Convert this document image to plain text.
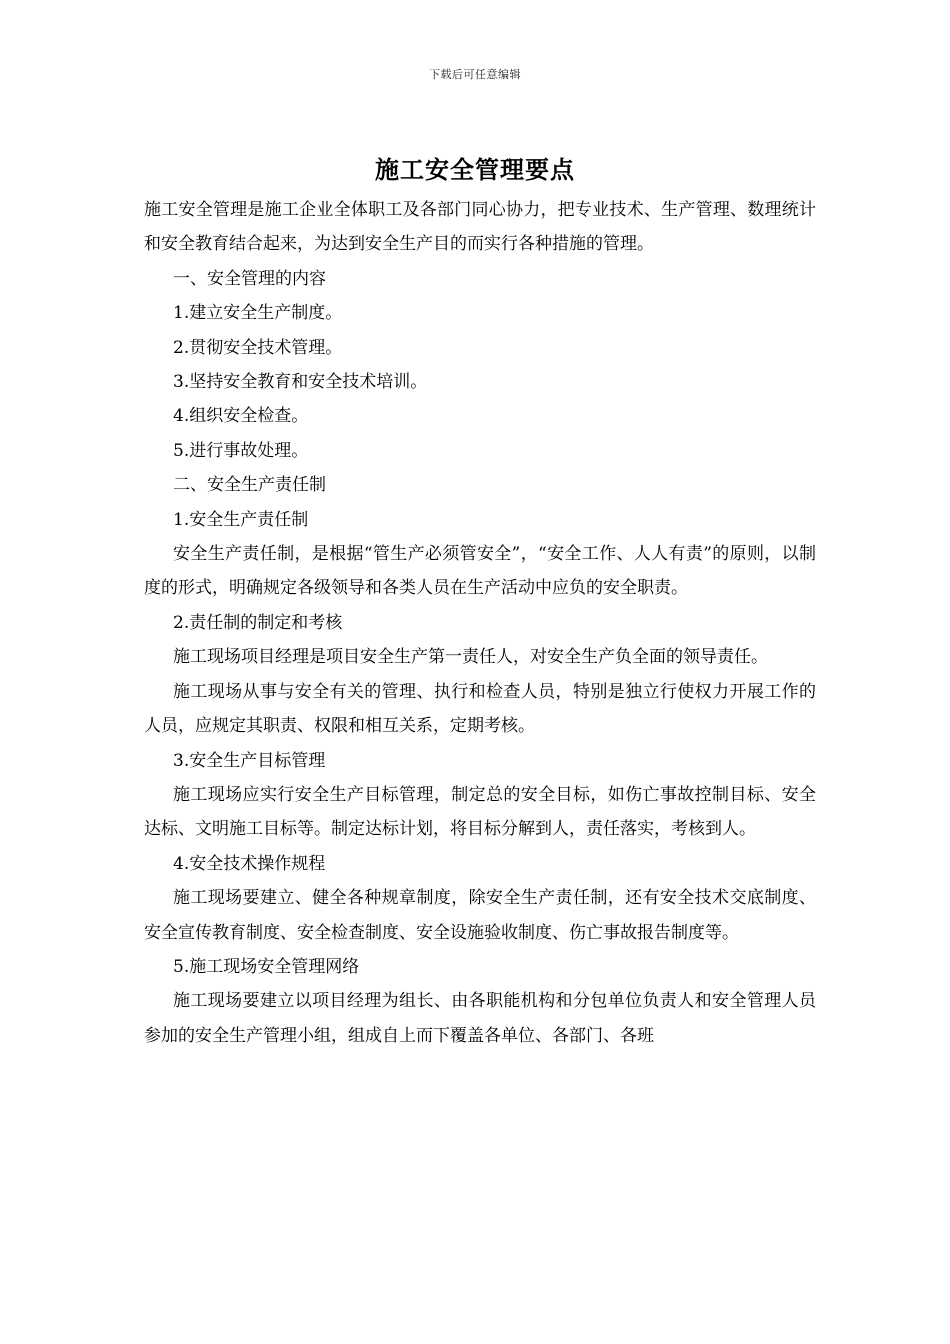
下载后可任意编辑
施工安全管理要点

施工安全管理是施工企业全体职工及各部门同心协力，把专业技术、生产管理、数理统计和安全教育结合起来，为达到安全生产目的而实行各种措施的管理。

一、安全管理的内容

1.建立安全生产制度。

2.贯彻安全技术管理。

3.坚持安全教育和安全技术培训。

4.组织安全检查。

5.进行事故处理。

二、安全生产责任制

1.安全生产责任制

安全生产责任制，是根据“管生产必须管安全”，“安全工作、人人有责”的原则，以制度的形式，明确规定各级领导和各类人员在生产活动中应负的安全职责。

2.责任制的制定和考核

施工现场项目经理是项目安全生产第一责任人，对安全生产负全面的领导责任。

施工现场从事与安全有关的管理、执行和检查人员，特别是独立行使权力开展工作的人员，应规定其职责、权限和相互关系，定期考核。

3.安全生产目标管理

施工现场应实行安全生产目标管理，制定总的安全目标，如伤亡事故控制目标、安全达标、文明施工目标等。制定达标计划，将目标分解到人，责任落实，考核到人。

4.安全技术操作规程

施工现场要建立、健全各种规章制度，除安全生产责任制，还有安全技术交底制度、安全宣传教育制度、安全检查制度、安全设施验收制度、伤亡事故报告制度等。

5.施工现场安全管理网络

施工现场要建立以项目经理为组长、由各职能机构和分包单位负责人和安全管理人员参加的安全生产管理小组，组成自上而下覆盖各单位、各部门、各班
